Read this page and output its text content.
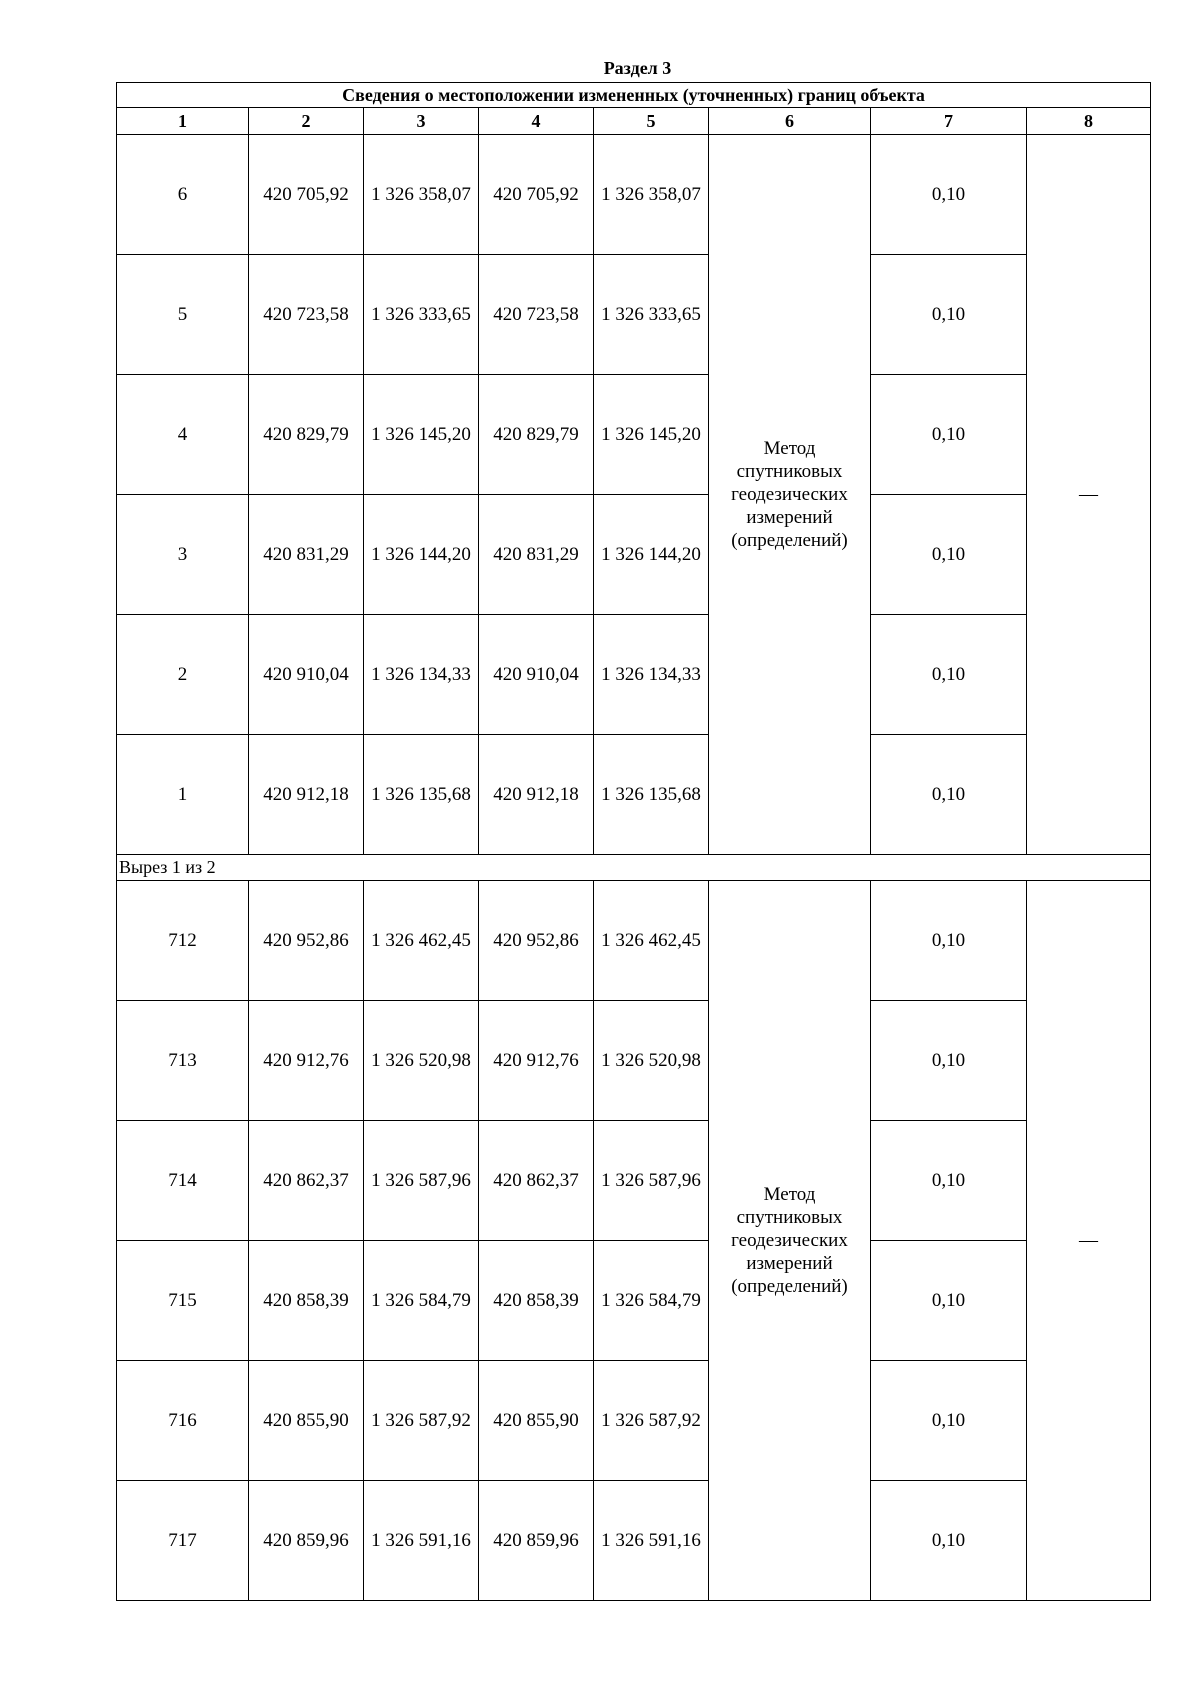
Раздел 3
Сведения о местоположении измененных (уточненных) границ объекта							
1	2	3	4	5	6	7	8
6	420 705,92	1 326 358,07	420 705,92	1 326 358,07	Метод спутниковых геодезических измерений (определений)	0,10	—
5	420 723,58	1 326 333,65	420 723,58	1 326 333,65		0,10	
4	420 829,79	1 326 145,20	420 829,79	1 326 145,20		0,10	
3	420 831,29	1 326 144,20	420 831,29	1 326 144,20		0,10	
2	420 910,04	1 326 134,33	420 910,04	1 326 134,33		0,10	
1	420 912,18	1 326 135,68	420 912,18	1 326 135,68		0,10	
Вырез 1 из 2							
712	420 952,86	1 326 462,45	420 952,86	1 326 462,45	Метод спутниковых геодезических измерений (определений)	0,10	—
713	420 912,76	1 326 520,98	420 912,76	1 326 520,98		0,10	
714	420 862,37	1 326 587,96	420 862,37	1 326 587,96		0,10	
715	420 858,39	1 326 584,79	420 858,39	1 326 584,79		0,10	
716	420 855,90	1 326 587,92	420 855,90	1 326 587,92		0,10	
717	420 859,96	1 326 591,16	420 859,96	1 326 591,16		0,10	
